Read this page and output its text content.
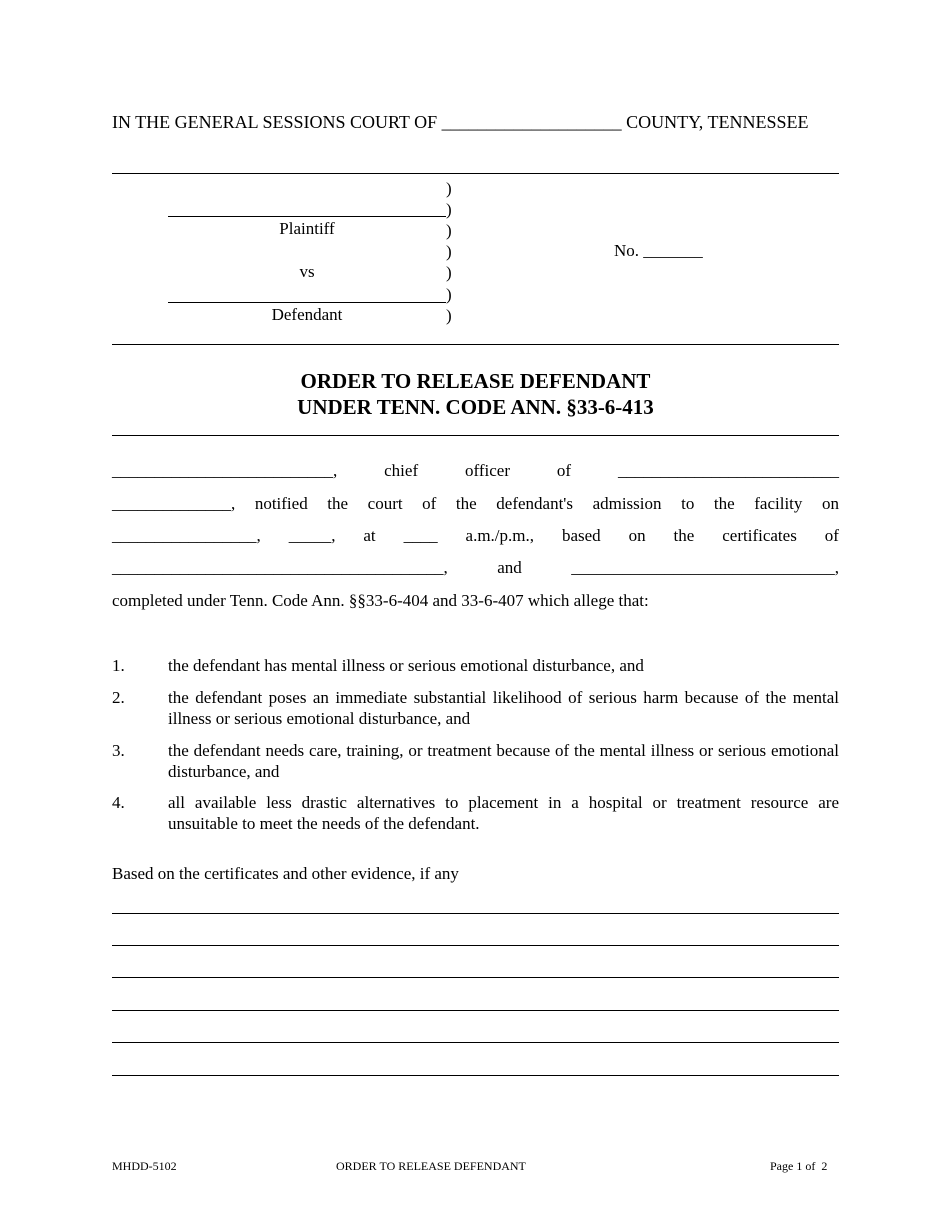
IN THE GENERAL SESSIONS COURT OF ____________________ COUNTY, TENNESSEE
)
)
)
)
)
)
)
Plaintiff
vs
Defendant
No. _______
ORDER TO RELEASE DEFENDANT
UNDER TENN. CODE ANN. §33-6-413
__________________________,	chief	officer	of	__________________________
______________, notified the court of the defendant's admission to the facility on
_________________, _____, at ____ a.m./p.m., based on the certificates of
_______________________________________,	and	_______________________________,
completed under Tenn. Code Ann. §§33-6-404 and 33-6-407 which allege that:
1.	the defendant has mental illness or serious emotional disturbance, and
2.	the defendant poses an immediate substantial likelihood of serious harm because of the mental illness or serious emotional disturbance, and
3.	the defendant needs care, training, or treatment because of the mental illness or serious emotional disturbance, and
4.	all available less drastic alternatives to placement in a hospital or treatment resource are unsuitable to meet the needs of the defendant.
Based on the certificates and other evidence, if any
MHDD-5102	ORDER TO RELEASE DEFENDANT	Page 1 of  2
